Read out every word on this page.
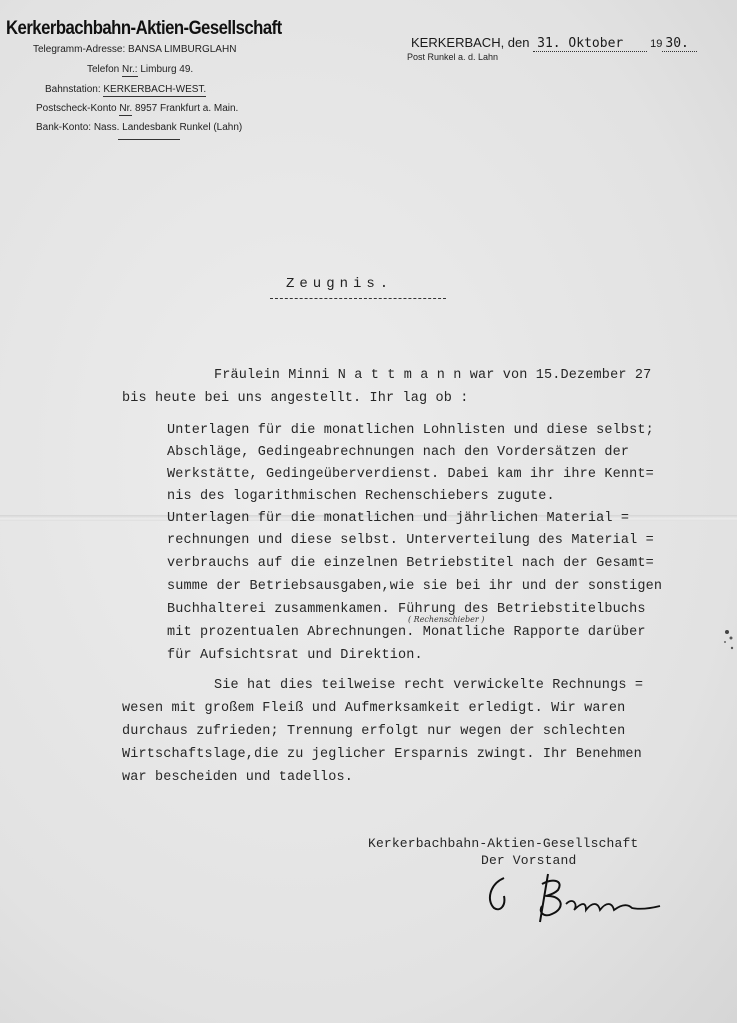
Kerkerbachbahn-Aktien-Gesellschaft
Telegramm-Adresse: BANSA LIMBURGLAHN
Telefon Nr.: Limburg 49.
Bahnstation: KERKERBACH-WEST.
Postscheck-Konto Nr. 8957 Frankfurt a. Main.
Bank-Konto: Nass. Landesbank Runkel (Lahn)
KERKERBACH, den 31. Oktober 19 30.
Post Runkel a. d. Lahn
Zeugnis.
Fräulein Minni N a t t m a n n war von 15.Dezember 27
bis heute bei uns angestellt. Ihr lag ob :
Unterlagen für die monatlichen Lohnlisten und diese selbst;
Abschläge, Gedingeabrechnungen nach den Vordersätzen der
Werkstätte, Gedingeüberverdienst. Dabei kam ihr ihre Kennt=
nis des logarithmischen Rechenschiebers zugute.
Unterlagen für die monatlichen und jährlichen Material =
rechnungen und diese selbst. Unterverteilung des Material =
verbrauchs auf die einzelnen Betriebstitel nach der Gesamt=
summe der Betriebsausgaben,wie sie bei ihr und der sonstigen
Buchhalterei zusammenkamen. Führung des Betriebstitelbuchs
( Rechenschieber )
mit prozentualen Abrechnungen. Monatliche Rapporte darüber
für Aufsichtsrat und Direktion.
Sie hat dies teilweise recht verwickelte Rechnungs =
wesen mit großem Fleiß und Aufmerksamkeit erledigt. Wir waren
durchaus zufrieden; Trennung erfolgt nur wegen der schlechten
Wirtschaftslage,die zu jeglicher Ersparnis zwingt. Ihr Benehmen
war bescheiden und tadellos.
Kerkerbachbahn-Aktien-Gesellschaft
Der Vorstand
